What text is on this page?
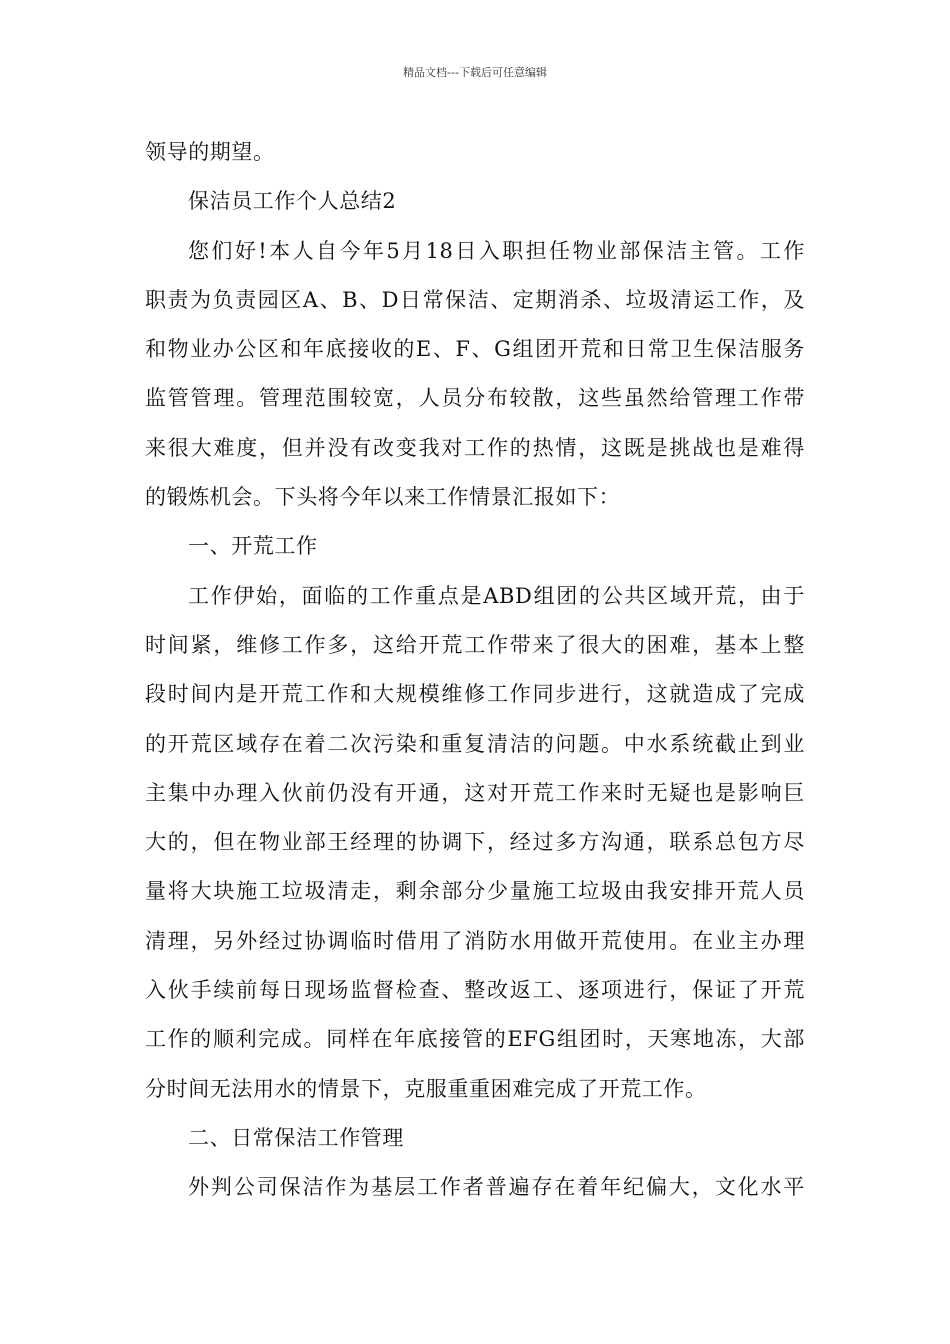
精品文档---下载后可任意编辑

领导的期望。

保洁员工作个人总结2

您们好!本人自今年5月18日入职担任物业部保洁主管。工作

职责为负责园区A、B、D日常保洁、定期消杀、垃圾清运工作，及

和物业办公区和年底接收的E、F、G组团开荒和日常卫生保洁服务

监管管理。管理范围较宽，人员分布较散，这些虽然给管理工作带

来很大难度，但并没有改变我对工作的热情，这既是挑战也是难得

的锻炼机会。下头将今年以来工作情景汇报如下：

一、开荒工作

工作伊始，面临的工作重点是ABD组团的公共区域开荒，由于

时间紧，维修工作多，这给开荒工作带来了很大的困难，基本上整

段时间内是开荒工作和大规模维修工作同步进行，这就造成了完成

的开荒区域存在着二次污染和重复清洁的问题。中水系统截止到业

主集中办理入伙前仍没有开通，这对开荒工作来时无疑也是影响巨

大的，但在物业部王经理的协调下，经过多方沟通，联系总包方尽

量将大块施工垃圾清走，剩余部分少量施工垃圾由我安排开荒人员

清理，另外经过协调临时借用了消防水用做开荒使用。在业主办理

入伙手续前每日现场监督检查、整改返工、逐项进行，保证了开荒

工作的顺利完成。同样在年底接管的EFG组团时，天寒地冻，大部

分时间无法用水的情景下，克服重重困难完成了开荒工作。

二、日常保洁工作管理

外判公司保洁作为基层工作者普遍存在着年纪偏大，文化水平
